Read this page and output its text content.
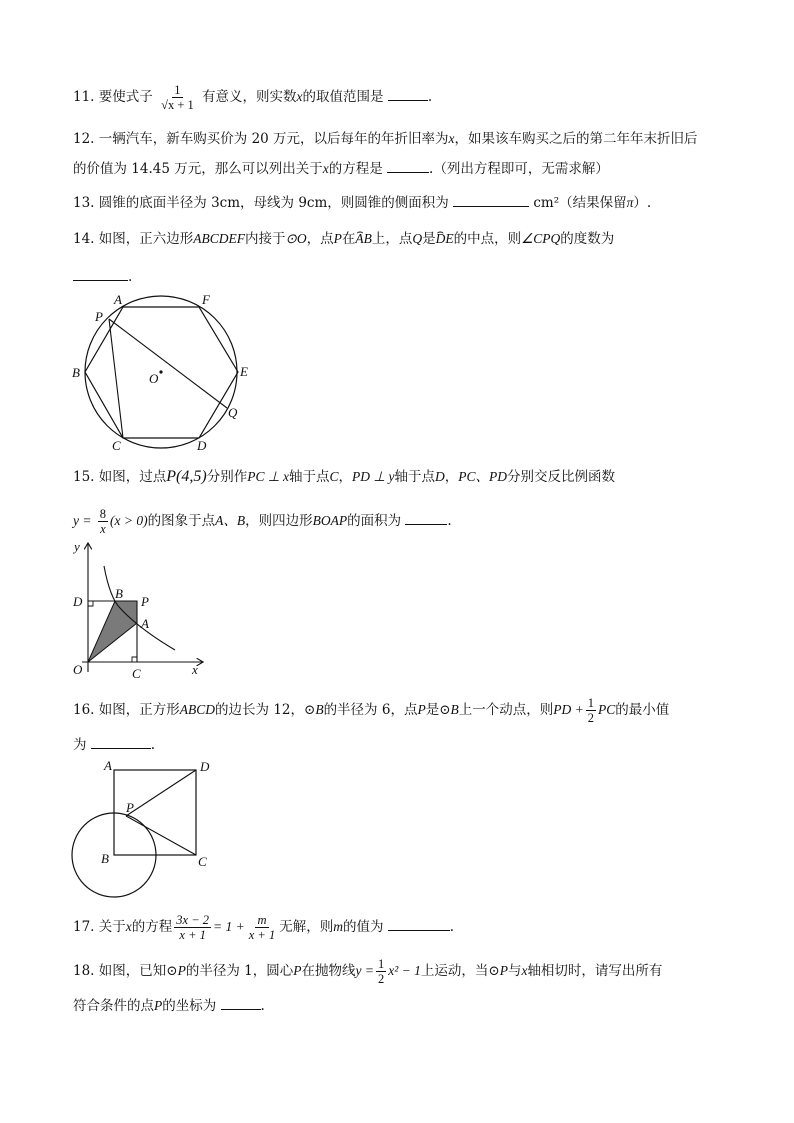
11. 要使式子 $\frac{1}{√x + 1}$ 有意义，则实数x的取值范围是	.
12. 一辆汽车，新车购买价为 20 万元，以后每年的年折旧率为x，如果该车购买之后的第二年年末折旧后
的价值为 14.45 万元，那么可以列出关于x的方程是	.（列出方程即可，无需求解）
13. 圆锥的底面半径为 3cm，母线为 9cm，则圆锥的侧面积为	cm²（结果保留π）.
14. 如图，正六边形ABCDEF内接于⊙O，点P在⌢ AB上，点Q是⌢ DE的中点，则∠CPQ的度数为
.
A	F
P
B	O	E
Q
C	D
15. 如图，过点P(4,5)分别作PC ⊥ x轴于点C，PD ⊥ y轴于点D，PC、PD分别交反比例函数
$y = \frac{8}{x} (x > 0)$的图象于点A、B，则四边形BOAP的面积为	.
y
x
D
B
P
A
O	C
16. 如图，正方形ABCD的边长为 12，⊙B的半径为 6，点P是⊙B上一个动点，则PD + $\frac{1}{2}$ PC的最小值
为	.
A	D
P
B	C
17. 关于x的方程 $\frac{3x - 2}{x + 1} = 1 + \frac{m}{x + 1}$ 无解，则m的值为	.
18. 如图，已知⊙P的半径为 1，圆心P在抛物线$y = \frac{1}{2} x^2 - 1$上运动，当⊙P与x轴相切时，请写出所有
符合条件的点P的坐标为	.
